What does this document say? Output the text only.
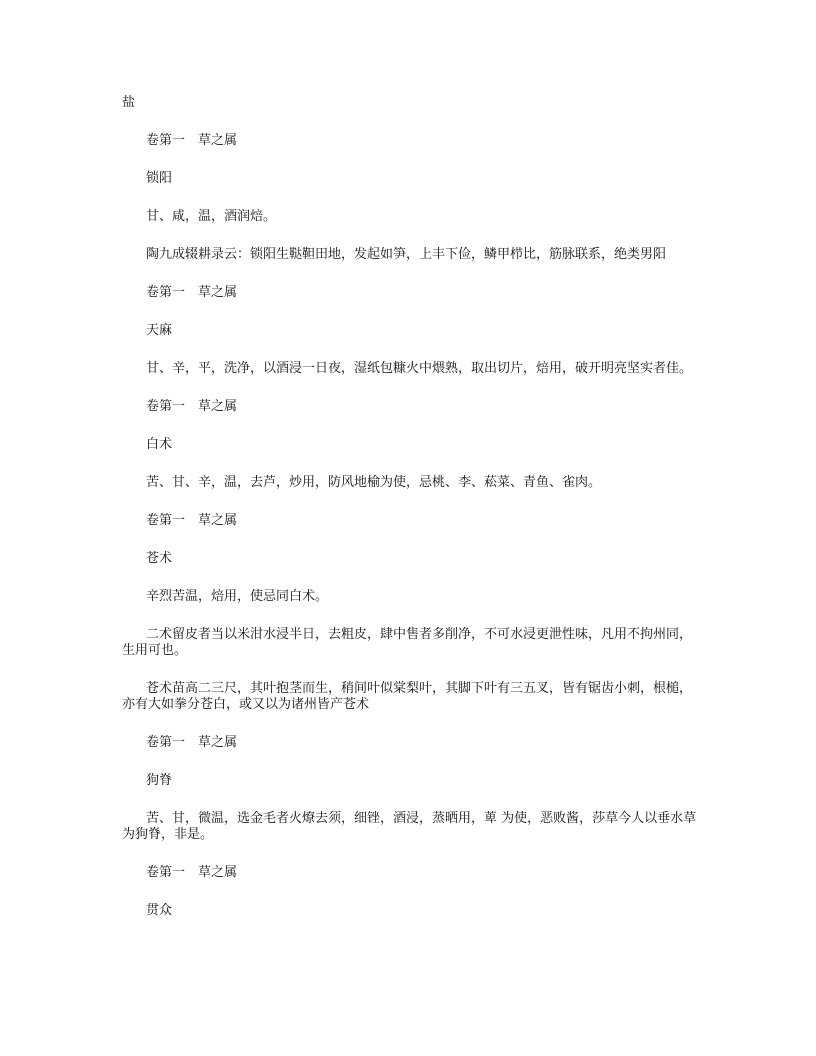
盐

卷第一　草之属

锁阳

甘、咸，温，酒润焙。

陶九成辍耕录云：锁阳生鞑靼田地，发起如笋，上丰下俭，鳞甲栉比，筋脉联系，绝类男阳

卷第一　草之属

天麻

甘、辛，平，洗净，以酒浸一日夜，湿纸包糠火中煨熟，取出切片，焙用，破开明亮坚实者佳。

卷第一　草之属

白术

苦、甘、辛，温，去芦，炒用，防风地榆为使，忌桃、李、菘菜、青鱼、雀肉。

卷第一　草之属

苍术

辛烈苦温，焙用，使忌同白术。

二术留皮者当以米泔水浸半日，去粗皮，肆中售者多削净，不可水浸更泄性味，凡用不拘州同，生用可也。

苍术苗高二三尺，其叶抱茎而生，稍间叶似棠梨叶，其脚下叶有三五叉，皆有锯齿小刺，根槌，亦有大如拳分苍白，或又以为诸州皆产苍术

卷第一　草之属

狗脊

苦、甘，微温，选金毛者火燎去须，细锉，酒浸，蒸晒用，萆 为使，恶败酱，莎草今人以垂水草为狗脊，非是。

卷第一　草之属

贯众
